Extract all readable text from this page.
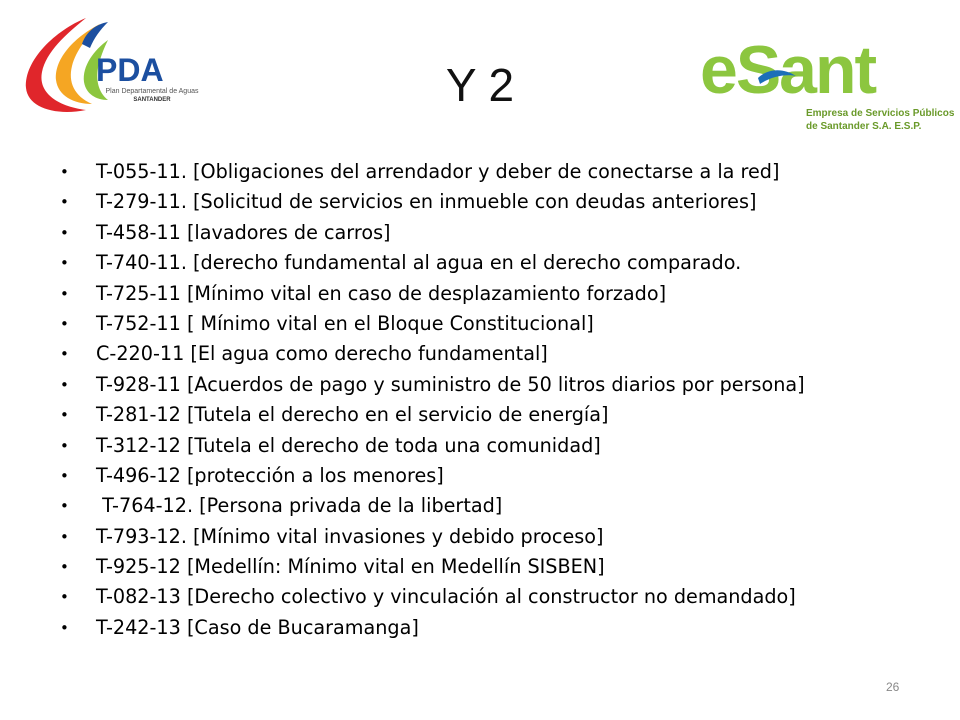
PDA
Plan Departamental de Aguas
SANTANDER	Y 2	eSant
Empresa de Servicios Públicos
de Santander S.A. E.S.P.
• T-055-11. [Obligaciones del arrendador y deber de conectarse a la red]
• T-279-11. [Solicitud de servicios en inmueble con deudas anteriores]
• T-458-11 [lavadores de carros]
• T-740-11. [derecho fundamental al agua en el derecho comparado.
• T-725-11 [Mínimo vital en caso de desplazamiento forzado]
• T-752-11 [ Mínimo vital en el Bloque Constitucional]
• C-220-11 [El agua como derecho fundamental]
• T-928-11 [Acuerdos de pago y suministro de 50 litros diarios por persona]
• T-281-12 [Tutela el derecho en el servicio de energía]
• T-312-12 [Tutela el derecho de toda una comunidad]
• T-496-12 [protección a los menores]
• T-764-12. [Persona privada de la libertad]
• T-793-12. [Mínimo vital invasiones y debido proceso]
• T-925-12 [Medellín: Mínimo vital en Medellín SISBEN]
• T-082-13 [Derecho colectivo y vinculación al constructor no demandado]
• T-242-13 [Caso de Bucaramanga]
26
